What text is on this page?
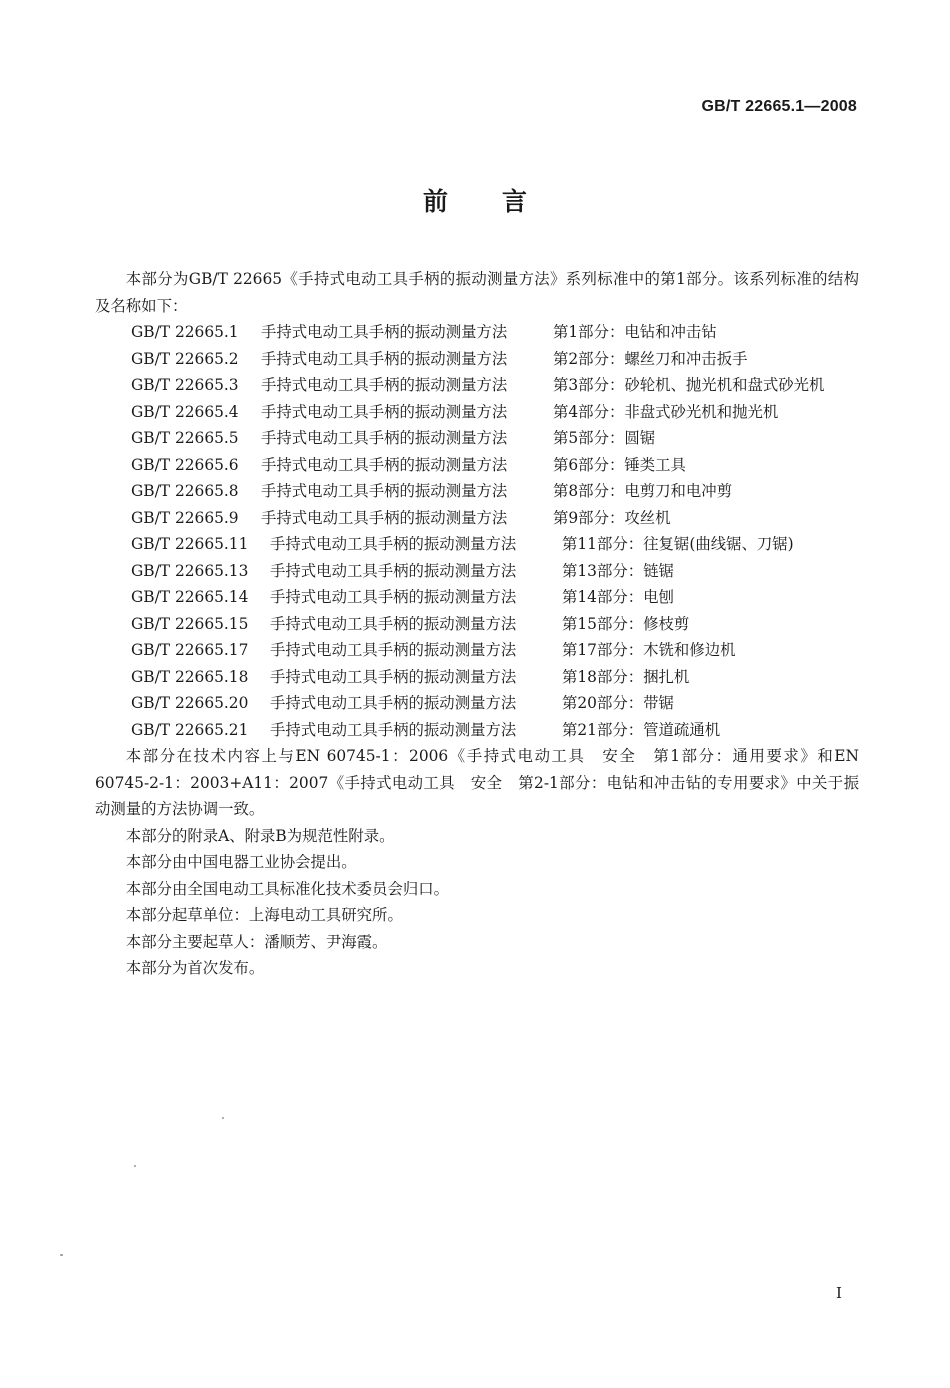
GB/T 22665.1—2008
前言

本部分为GB/T 22665《手持式电动工具手柄的振动测量方法》系列标准中的第1部分。该系列标准的结构及名称如下：

GB/T 22665.1	手持式电动工具手柄的振动测量方法	第1部分：电钻和冲击钻
GB/T 22665.2	手持式电动工具手柄的振动测量方法	第2部分：螺丝刀和冲击扳手
GB/T 22665.3	手持式电动工具手柄的振动测量方法	第3部分：砂轮机、抛光机和盘式砂光机
GB/T 22665.4	手持式电动工具手柄的振动测量方法	第4部分：非盘式砂光机和抛光机
GB/T 22665.5	手持式电动工具手柄的振动测量方法	第5部分：圆锯
GB/T 22665.6	手持式电动工具手柄的振动测量方法	第6部分：锤类工具
GB/T 22665.8	手持式电动工具手柄的振动测量方法	第8部分：电剪刀和电冲剪
GB/T 22665.9	手持式电动工具手柄的振动测量方法	第9部分：攻丝机
GB/T 22665.11	手持式电动工具手柄的振动测量方法	第11部分：往复锯(曲线锯、刀锯)
GB/T 22665.13	手持式电动工具手柄的振动测量方法	第13部分：链锯
GB/T 22665.14	手持式电动工具手柄的振动测量方法	第14部分：电刨
GB/T 22665.15	手持式电动工具手柄的振动测量方法	第15部分：修枝剪
GB/T 22665.17	手持式电动工具手柄的振动测量方法	第17部分：木铣和修边机
GB/T 22665.18	手持式电动工具手柄的振动测量方法	第18部分：捆扎机
GB/T 22665.20	手持式电动工具手柄的振动测量方法	第20部分：带锯
GB/T 22665.21	手持式电动工具手柄的振动测量方法	第21部分：管道疏通机

本部分在技术内容上与EN 60745-1：2006《手持式电动工具　安全　第1部分：通用要求》和EN 60745-2-1：2003+A11：2007《手持式电动工具　安全　第2-1部分：电钻和冲击钻的专用要求》中关于振动测量的方法协调一致。

本部分的附录A、附录B为规范性附录。

本部分由中国电器工业协会提出。

本部分由全国电动工具标准化技术委员会归口。

本部分起草单位：上海电动工具研究所。

本部分主要起草人：潘顺芳、尹海霞。

本部分为首次发布。

I
